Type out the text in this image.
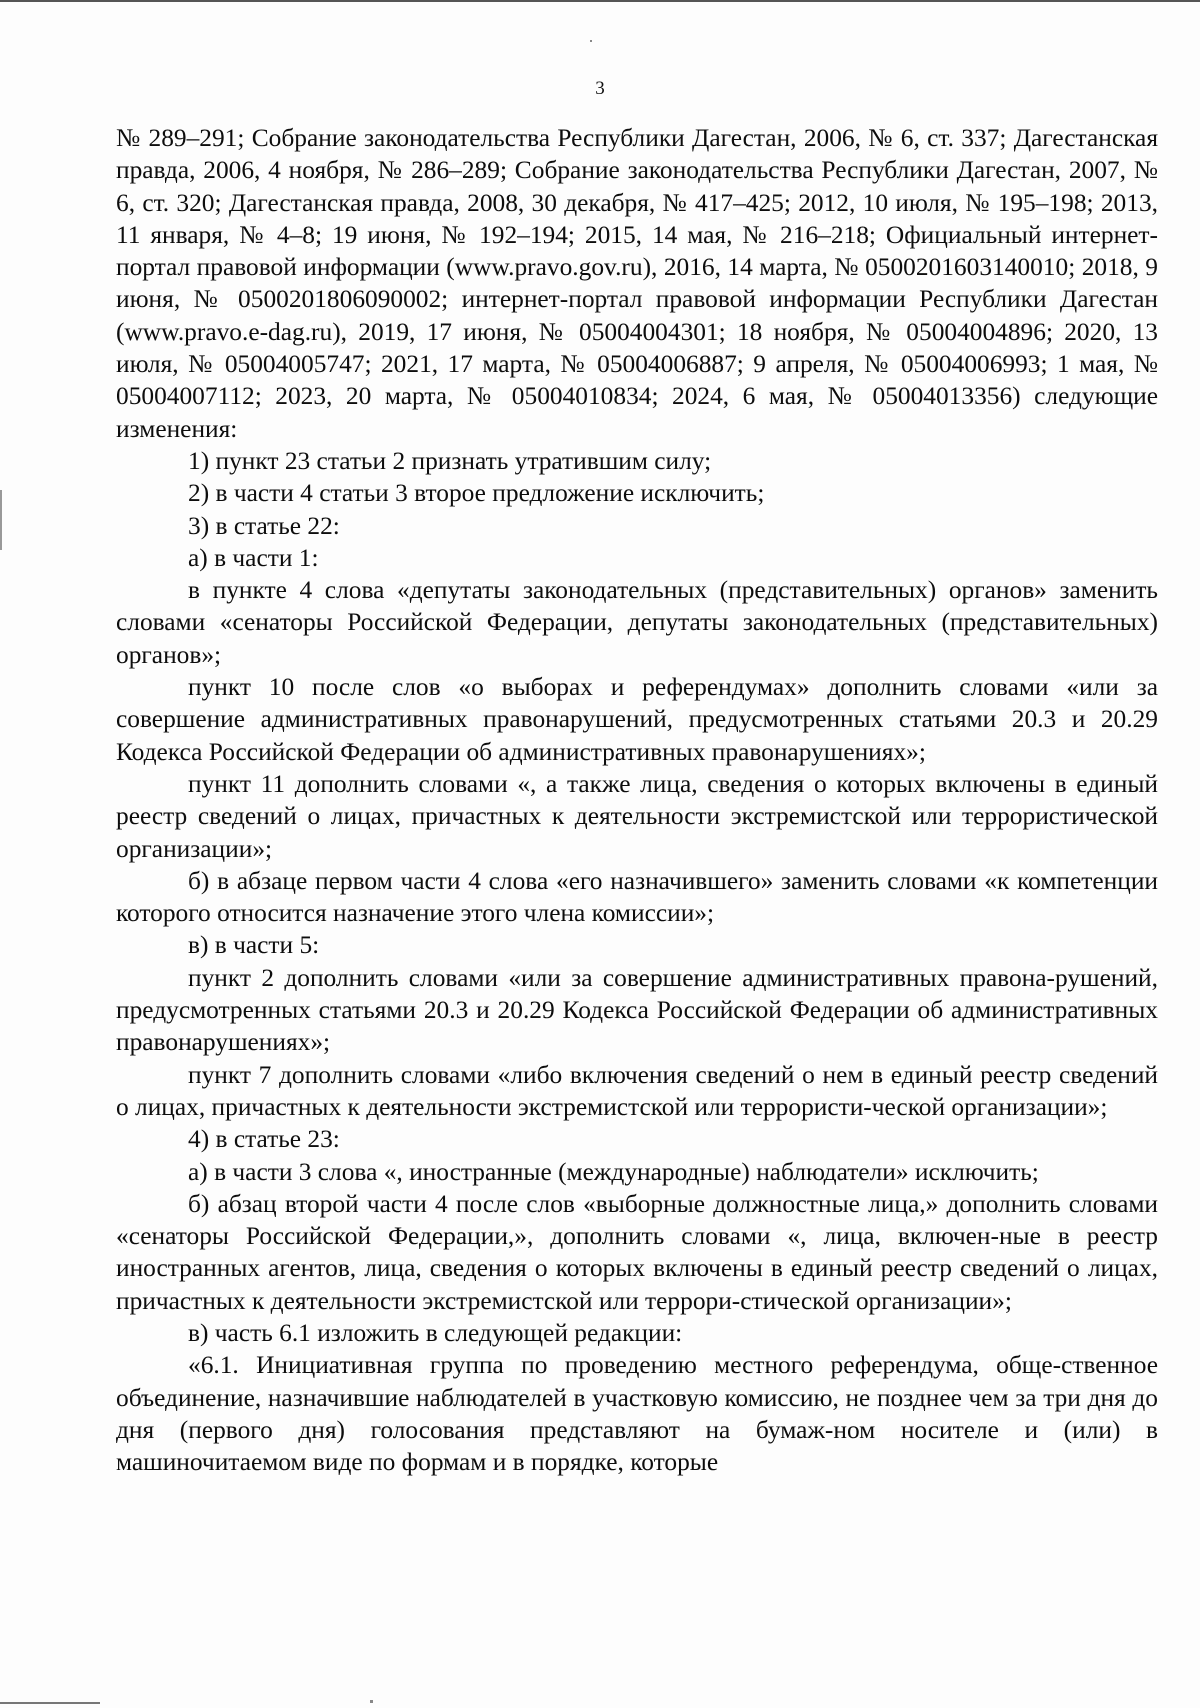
3

№ 289–291; Собрание законодательства Республики Дагестан, 2006, № 6, ст. 337; Дагестанская правда, 2006, 4 ноября, № 286–289; Собрание законодательства Республики Дагестан, 2007, № 6, ст. 320; Дагестанская правда, 2008, 30 декабря, № 417–425; 2012, 10 июля, № 195–198; 2013, 11 января, № 4–8; 19 июня, № 192–194; 2015, 14 мая, № 216–218; Официальный интернет-портал правовой информации (www.pravo.gov.ru), 2016, 14 марта, № 0500201603140010; 2018, 9 июня, № 0500201806090002; интернет-портал правовой информации Республики Дагестан (www.pravo.e-dag.ru), 2019, 17 июня, № 05004004301; 18 ноября, № 05004004896; 2020, 13 июля, № 05004005747; 2021, 17 марта, № 05004006887; 9 апреля, № 05004006993; 1 мая, № 05004007112; 2023, 20 марта, № 05004010834; 2024, 6 мая, № 05004013356) следующие изменения:

1) пункт 23 статьи 2 признать утратившим силу;

2) в части 4 статьи 3 второе предложение исключить;

3) в статье 22:

а) в части 1:

в пункте 4 слова «депутаты законодательных (представительных) органов» заменить словами «сенаторы Российской Федерации, депутаты законодательных (представительных) органов»;

пункт 10 после слов «о выборах и референдумах» дополнить словами «или за совершение административных правонарушений, предусмотренных статьями 20.3 и 20.29 Кодекса Российской Федерации об административных правонарушениях»;

пункт 11 дополнить словами «, а также лица, сведения о которых включены в единый реестр сведений о лицах, причастных к деятельности экстремистской или террористической организации»;

б) в абзаце первом части 4 слова «его назначившего» заменить словами «к компетенции которого относится назначение этого члена комиссии»;

в) в части 5:

пункт 2 дополнить словами «или за совершение административных правона-рушений, предусмотренных статьями 20.3 и 20.29 Кодекса Российской Федерации об административных правонарушениях»;

пункт 7 дополнить словами «либо включения сведений о нем в единый реестр сведений о лицах, причастных к деятельности экстремистской или террористи-ческой организации»;

4) в статье 23:

а) в части 3 слова «, иностранные (международные) наблюдатели» исключить;

б) абзац второй части 4 после слов «выборные должностные лица,» дополнить словами «сенаторы Российской Федерации,», дополнить словами «, лица, включен-ные в реестр иностранных агентов, лица, сведения о которых включены в единый реестр сведений о лицах, причастных к деятельности экстремистской или террори-стической организации»;

в) часть 6.1 изложить в следующей редакции:

«6.1. Инициативная группа по проведению местного референдума, обще-ственное объединение, назначившие наблюдателей в участковую комиссию, не позднее чем за три дня до дня (первого дня) голосования представляют на бумаж-ном носителе и (или) в машиночитаемом виде по формам и в порядке, которые
